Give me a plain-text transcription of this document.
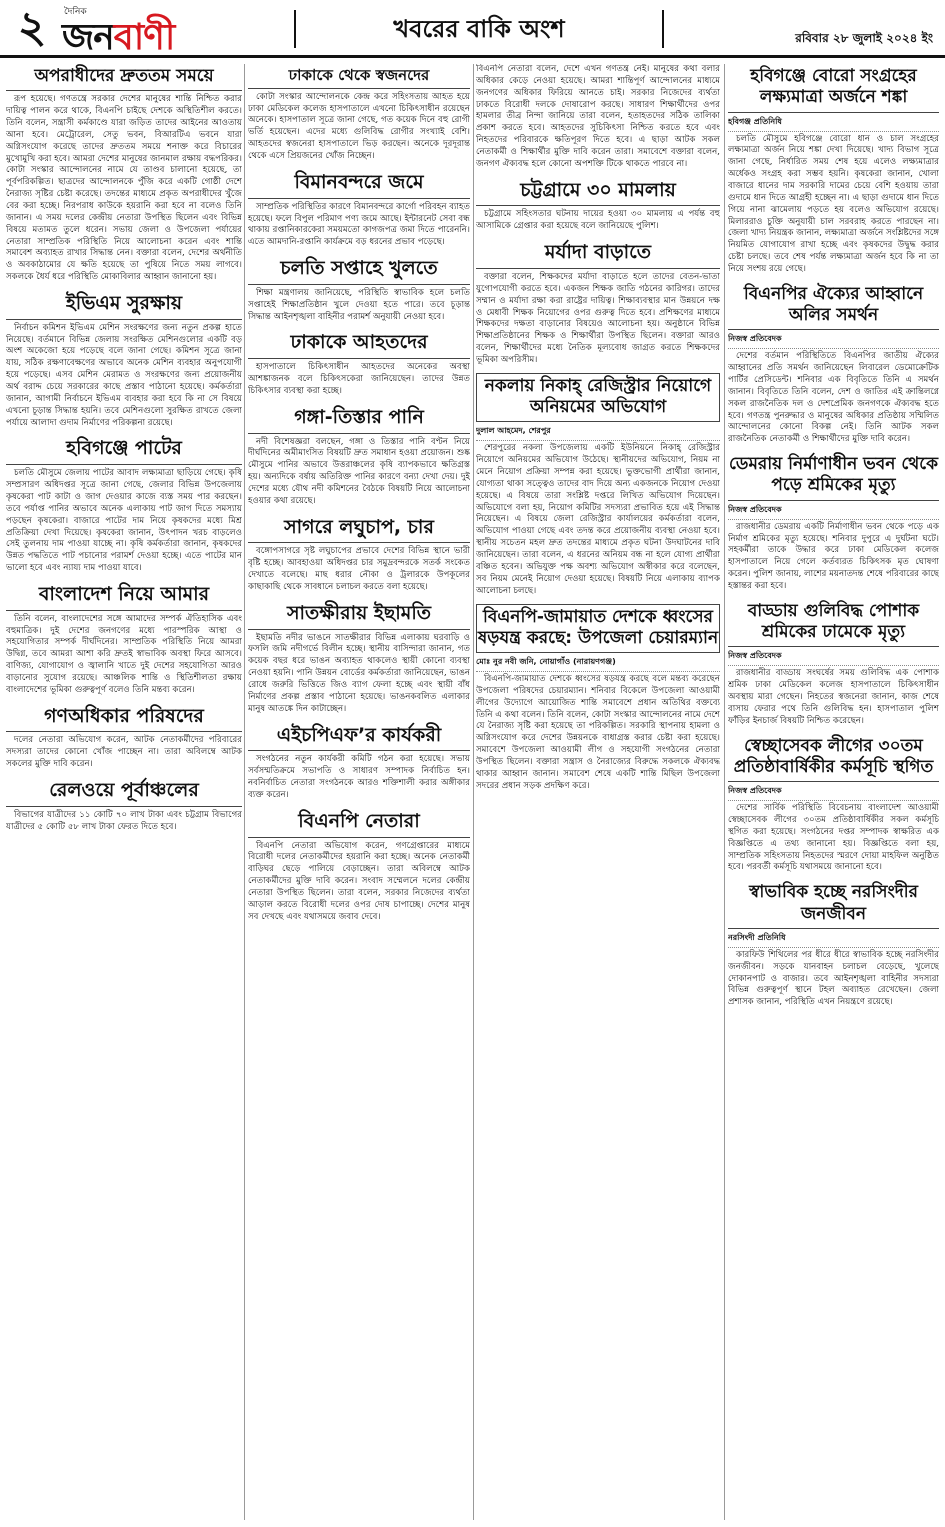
২	দৈনিক
জনবাণী	খবরের বাকি অংশ	রবিবার ২৮ জুলাই ২০২৪ ইং
অপরাধীদের দ্রুততম সময়ে
রূপ হয়েছে। গণতন্ত্রে সরকার দেশের মানুষের শান্তি নিশ্চিত করার দায়িত্ব পালন করে থাকে, বিএনপি চাইছে দেশকে অস্থিতিশীল করতে। তিনি বলেন, সন্ত্রাসী কর্মকাণ্ডে যারা জড়িত তাদের আইনের আওতায় আনা হবে। মেট্রোরেল, সেতু ভবন, বিআরটিএ ভবনে যারা অগ্নিসংযোগ করেছে তাদের দ্রুততম সময়ে শনাক্ত করে বিচারের মুখোমুখি করা হবে। আমরা দেশের মানুষের জানমাল রক্ষায় বদ্ধপরিকর। কোটা সংস্কার আন্দোলনের নামে যে তাণ্ডব চালানো হয়েছে, তা পূর্বপরিকল্পিত। ছাত্রদের আন্দোলনকে পুঁজি করে একটি গোষ্ঠী দেশে নৈরাজ্য সৃষ্টির চেষ্টা করেছে। তদন্তের মাধ্যমে প্রকৃত অপরাধীদের খুঁজে বের করা হচ্ছে। নিরপরাধ কাউকে হয়রানি করা হবে না বলেও তিনি জানান। এ সময় দলের কেন্দ্রীয় নেতারা উপস্থিত ছিলেন এবং বিভিন্ন বিষয়ে মতামত তুলে ধরেন। সভায় জেলা ও উপজেলা পর্যায়ের নেতারা সাম্প্রতিক পরিস্থিতি নিয়ে আলোচনা করেন এবং শান্তি সমাবেশ অব্যাহত রাখার সিদ্ধান্ত নেন। বক্তারা বলেন, দেশের অর্থনীতি ও অবকাঠামোর যে ক্ষতি হয়েছে তা পুষিয়ে নিতে সময় লাগবে। সকলকে ধৈর্য ধরে পরিস্থিতি মোকাবিলার আহ্বান জানানো হয়।
ইভিএম সুরক্ষায়
নির্বাচন কমিশন ইভিএম মেশিন সংরক্ষণের জন্য নতুন প্রকল্প হাতে নিয়েছে। বর্তমানে বিভিন্ন জেলায় সংরক্ষিত মেশিনগুলোর একটি বড় অংশ অকেজো হয়ে পড়েছে বলে জানা গেছে। কমিশন সূত্রে জানা যায়, সঠিক রক্ষণাবেক্ষণের অভাবে অনেক মেশিন ব্যবহার অনুপযোগী হয়ে পড়েছে। এসব মেশিন মেরামত ও সংরক্ষণের জন্য প্রয়োজনীয় অর্থ বরাদ্দ চেয়ে সরকারের কাছে প্রস্তাব পাঠানো হয়েছে। কর্মকর্তারা জানান, আগামী নির্বাচনে ইভিএম ব্যবহার করা হবে কি না সে বিষয়ে এখনো চূড়ান্ত সিদ্ধান্ত হয়নি। তবে মেশিনগুলো সুরক্ষিত রাখতে জেলা পর্যায়ে আলাদা গুদাম নির্মাণের পরিকল্পনা রয়েছে।
হবিগঞ্জে পাটের
চলতি মৌসুমে জেলায় পাটের আবাদ লক্ষ্যমাত্রা ছাড়িয়ে গেছে। কৃষি সম্প্রসারণ অধিদপ্তর সূত্রে জানা গেছে, জেলার বিভিন্ন উপজেলায় কৃষকেরা পাট কাটা ও জাগ দেওয়ার কাজে ব্যস্ত সময় পার করছেন। তবে পর্যাপ্ত পানির অভাবে অনেক এলাকায় পাট জাগ দিতে সমস্যায় পড়ছেন কৃষকেরা। বাজারে পাটের দাম নিয়ে কৃষকদের মধ্যে মিশ্র প্রতিক্রিয়া দেখা দিয়েছে। কৃষকেরা জানান, উৎপাদন খরচ বাড়লেও সেই তুলনায় দাম পাওয়া যাচ্ছে না। কৃষি কর্মকর্তারা জানান, কৃষকদের উন্নত পদ্ধতিতে পাট পচানোর পরামর্শ দেওয়া হচ্ছে। এতে পাটের মান ভালো হবে এবং ন্যায্য দাম পাওয়া যাবে।
বাংলাদেশ নিয়ে আমার
তিনি বলেন, বাংলাদেশের সঙ্গে আমাদের সম্পর্ক ঐতিহাসিক এবং বহুমাত্রিক। দুই দেশের জনগণের মধ্যে পারস্পরিক আস্থা ও সহযোগিতার সম্পর্ক দীর্ঘদিনের। সাম্প্রতিক পরিস্থিতি নিয়ে আমরা উদ্বিগ্ন, তবে আমরা আশা করি দ্রুতই স্বাভাবিক অবস্থা ফিরে আসবে। বাণিজ্য, যোগাযোগ ও জ্বালানি খাতে দুই দেশের সহযোগিতা আরও বাড়ানোর সুযোগ রয়েছে। আঞ্চলিক শান্তি ও স্থিতিশীলতা রক্ষায় বাংলাদেশের ভূমিকা গুরুত্বপূর্ণ বলেও তিনি মন্তব্য করেন।
গণঅধিকার পরিষদের
দলের নেতারা অভিযোগ করেন, আটক নেতাকর্মীদের পরিবারের সদস্যরা তাদের কোনো খোঁজ পাচ্ছেন না। তারা অবিলম্বে আটক সকলের মুক্তি দাবি করেন।
রেলওয়ে পূর্বাঞ্চলের
বিভাগের যাত্রীদের ১১ কোটি ৭০ লাখ টাকা এবং চট্টগ্রাম বিভাগের যাত্রীদের ৫ কোটি ৫৮ লাখ টাকা ফেরত দিতে হবে।
ঢাকাকে থেকে স্বজনদের
কোটা সংস্কার আন্দোলনকে কেন্দ্র করে সহিংসতায় আহত হয়ে ঢাকা মেডিকেল কলেজ হাসপাতালে এখনো চিকিৎসাধীন রয়েছেন অনেকে। হাসপাতাল সূত্রে জানা গেছে, গত কয়েক দিনে বহু রোগী ভর্তি হয়েছেন। এদের মধ্যে গুলিবিদ্ধ রোগীর সংখ্যাই বেশি। আহতদের স্বজনেরা হাসপাতালে ভিড় করছেন। অনেকে দূরদূরান্ত থেকে এসে প্রিয়জনের খোঁজ নিচ্ছেন।
বিমানবন্দরে জমে
সাম্প্রতিক পরিস্থিতির কারণে বিমানবন্দরে কার্গো পরিবহন ব্যাহত হয়েছে। ফলে বিপুল পরিমাণ পণ্য জমে আছে। ইন্টারনেট সেবা বন্ধ থাকায় রপ্তানিকারকেরা সময়মতো কাগজপত্র জমা দিতে পারেননি। এতে আমদানি-রপ্তানি কার্যক্রমে বড় ধরনের প্রভাব পড়েছে।
চলতি সপ্তাহে খুলতে
শিক্ষা মন্ত্রণালয় জানিয়েছে, পরিস্থিতি স্বাভাবিক হলে চলতি সপ্তাহেই শিক্ষাপ্রতিষ্ঠান খুলে দেওয়া হতে পারে। তবে চূড়ান্ত সিদ্ধান্ত আইনশৃঙ্খলা বাহিনীর পরামর্শ অনুযায়ী নেওয়া হবে।
ঢাকাকে আহতদের
হাসপাতালে চিকিৎসাধীন আহতদের অনেকের অবস্থা আশঙ্কাজনক বলে চিকিৎসকেরা জানিয়েছেন। তাদের উন্নত চিকিৎসার ব্যবস্থা করা হচ্ছে।
গঙ্গা-তিস্তার পানি
নদী বিশেষজ্ঞরা বলছেন, গঙ্গা ও তিস্তার পানি বণ্টন নিয়ে দীর্ঘদিনের অমীমাংসিত বিষয়টি দ্রুত সমাধান হওয়া প্রয়োজন। শুষ্ক মৌসুমে পানির অভাবে উত্তরাঞ্চলের কৃষি ব্যাপকভাবে ক্ষতিগ্রস্ত হয়। অন্যদিকে বর্ষায় অতিরিক্ত পানির কারণে বন্যা দেখা দেয়। দুই দেশের মধ্যে যৌথ নদী কমিশনের বৈঠকে বিষয়টি নিয়ে আলোচনা হওয়ার কথা রয়েছে।
সাগরে লঘুচাপ, চার
বঙ্গোপসাগরে সৃষ্ট লঘুচাপের প্রভাবে দেশের বিভিন্ন স্থানে ভারী বৃষ্টি হচ্ছে। আবহাওয়া অধিদপ্তর চার সমুদ্রবন্দরকে সতর্ক সংকেত দেখাতে বলেছে। মাছ ধরার নৌকা ও ট্রলারকে উপকূলের কাছাকাছি থেকে সাবধানে চলাচল করতে বলা হয়েছে।
সাতক্ষীরায় ইছামতি
ইছামতি নদীর ভাঙনে সাতক্ষীরার বিভিন্ন এলাকায় ঘরবাড়ি ও ফসলি জমি নদীগর্ভে বিলীন হচ্ছে। স্থানীয় বাসিন্দারা জানান, গত কয়েক বছর ধরে ভাঙন অব্যাহত থাকলেও স্থায়ী কোনো ব্যবস্থা নেওয়া হয়নি। পানি উন্নয়ন বোর্ডের কর্মকর্তারা জানিয়েছেন, ভাঙন রোধে জরুরি ভিত্তিতে জিও ব্যাগ ফেলা হচ্ছে এবং স্থায়ী বাঁধ নির্মাণের প্রকল্প প্রস্তাব পাঠানো হয়েছে। ভাঙনকবলিত এলাকার মানুষ আতঙ্কে দিন কাটাচ্ছেন।
এইচপিএফ’র কার্যকরী
সংগঠনের নতুন কার্যকরী কমিটি গঠন করা হয়েছে। সভায় সর্বসম্মতিক্রমে সভাপতি ও সাধারণ সম্পাদক নির্বাচিত হন। নবনির্বাচিত নেতারা সংগঠনকে আরও শক্তিশালী করার অঙ্গীকার ব্যক্ত করেন।
বিএনপি নেতারা
বিএনপি নেতারা অভিযোগ করেন, গণগ্রেপ্তারের মাধ্যমে বিরোধী দলের নেতাকর্মীদের হয়রানি করা হচ্ছে। অনেক নেতাকর্মী বাড়িঘর ছেড়ে পালিয়ে বেড়াচ্ছেন। তারা অবিলম্বে আটক নেতাকর্মীদের মুক্তি দাবি করেন। সংবাদ সম্মেলনে দলের কেন্দ্রীয় নেতারা উপস্থিত ছিলেন। তারা বলেন, সরকার নিজেদের ব্যর্থতা আড়াল করতে বিরোধী দলের ওপর দোষ চাপাচ্ছে। দেশের মানুষ সব দেখছে এবং যথাসময়ে জবাব দেবে।
বিএনপি নেতারা বলেন, দেশে এখন গণতন্ত্র নেই। মানুষের কথা বলার অধিকার কেড়ে নেওয়া হয়েছে। আমরা শান্তিপূর্ণ আন্দোলনের মাধ্যমে জনগণের অধিকার ফিরিয়ে আনতে চাই। সরকার নিজেদের ব্যর্থতা ঢাকতে বিরোধী দলকে দোষারোপ করছে। সাধারণ শিক্ষার্থীদের ওপর হামলার তীব্র নিন্দা জানিয়ে তারা বলেন, হতাহতদের সঠিক তালিকা প্রকাশ করতে হবে। আহতদের সুচিকিৎসা নিশ্চিত করতে হবে এবং নিহতদের পরিবারকে ক্ষতিপূরণ দিতে হবে। এ ছাড়া আটক সকল নেতাকর্মী ও শিক্ষার্থীর মুক্তি দাবি করেন তারা। সমাবেশে বক্তারা বলেন, জনগণ ঐক্যবদ্ধ হলে কোনো অপশক্তি টিকে থাকতে পারবে না।
চট্টগ্রামে ৩০ মামলায়
চট্টগ্রামে সহিংসতার ঘটনায় দায়ের হওয়া ৩০ মামলায় এ পর্যন্ত বহু আসামিকে গ্রেপ্তার করা হয়েছে বলে জানিয়েছে পুলিশ।
মর্যাদা বাড়াতে
বক্তারা বলেন, শিক্ষকদের মর্যাদা বাড়াতে হলে তাদের বেতন-ভাতা যুগোপযোগী করতে হবে। একজন শিক্ষক জাতি গঠনের কারিগর। তাদের সম্মান ও মর্যাদা রক্ষা করা রাষ্ট্রের দায়িত্ব। শিক্ষাব্যবস্থার মান উন্নয়নে দক্ষ ও মেধাবী শিক্ষক নিয়োগের ওপর গুরুত্ব দিতে হবে। প্রশিক্ষণের মাধ্যমে শিক্ষকদের দক্ষতা বাড়ানোর বিষয়েও আলোচনা হয়। অনুষ্ঠানে বিভিন্ন শিক্ষাপ্রতিষ্ঠানের শিক্ষক ও শিক্ষার্থীরা উপস্থিত ছিলেন। বক্তারা আরও বলেন, শিক্ষার্থীদের মধ্যে নৈতিক মূল্যবোধ জাগ্রত করতে শিক্ষকদের ভূমিকা অপরিসীম।
নকলায় নিকাহ্ রেজিস্ট্রার নিয়োগে অনিয়মের অভিযোগ
দুলাল আহমেদ, শেরপুর
শেরপুরের নকলা উপজেলায় একটি ইউনিয়নে নিকাহ্ রেজিস্ট্রার নিয়োগে অনিয়মের অভিযোগ উঠেছে। স্থানীয়দের অভিযোগ, নিয়ম না মেনে নিয়োগ প্রক্রিয়া সম্পন্ন করা হয়েছে। ভুক্তভোগী প্রার্থীরা জানান, যোগ্যতা থাকা সত্ত্বেও তাদের বাদ দিয়ে অন্য একজনকে নিয়োগ দেওয়া হয়েছে। এ বিষয়ে তারা সংশ্লিষ্ট দপ্তরে লিখিত অভিযোগ দিয়েছেন। অভিযোগে বলা হয়, নিয়োগ কমিটির সদস্যরা প্রভাবিত হয়ে এই সিদ্ধান্ত নিয়েছেন। এ বিষয়ে জেলা রেজিস্ট্রার কার্যালয়ের কর্মকর্তারা বলেন, অভিযোগ পাওয়া গেছে এবং তদন্ত করে প্রয়োজনীয় ব্যবস্থা নেওয়া হবে। স্থানীয় সচেতন মহল দ্রুত তদন্তের মাধ্যমে প্রকৃত ঘটনা উদঘাটনের দাবি জানিয়েছেন। তারা বলেন, এ ধরনের অনিয়ম বন্ধ না হলে যোগ্য প্রার্থীরা বঞ্চিত হবেন। অভিযুক্ত পক্ষ অবশ্য অভিযোগ অস্বীকার করে বলেছেন, সব নিয়ম মেনেই নিয়োগ দেওয়া হয়েছে। বিষয়টি নিয়ে এলাকায় ব্যাপক আলোচনা চলছে।
বিএনপি-জামায়াত দেশকে ধ্বংসের ষড়যন্ত্র করছে: উপজেলা চেয়ারম্যান
মোঃ নুর নবী জনি, নোয়াগাঁও (নারায়ণগঞ্জ)
বিএনপি-জামায়াত দেশকে ধ্বংসের ষড়যন্ত্র করছে বলে মন্তব্য করেছেন উপজেলা পরিষদের চেয়ারম্যান। শনিবার বিকেলে উপজেলা আওয়ামী লীগের উদ্যোগে আয়োজিত শান্তি সমাবেশে প্রধান অতিথির বক্তব্যে তিনি এ কথা বলেন। তিনি বলেন, কোটা সংস্কার আন্দোলনের নামে দেশে যে নৈরাজ্য সৃষ্টি করা হয়েছে তা পরিকল্পিত। সরকারি স্থাপনায় হামলা ও অগ্নিসংযোগ করে দেশের উন্নয়নকে বাধাগ্রস্ত করার চেষ্টা করা হয়েছে। সমাবেশে উপজেলা আওয়ামী লীগ ও সহযোগী সংগঠনের নেতারা উপস্থিত ছিলেন। বক্তারা সন্ত্রাস ও নৈরাজ্যের বিরুদ্ধে সকলকে ঐক্যবদ্ধ থাকার আহ্বান জানান। সমাবেশ শেষে একটি শান্তি মিছিল উপজেলা সদরের প্রধান সড়ক প্রদক্ষিণ করে।
হবিগঞ্জে বোরো সংগ্রহের লক্ষ্যমাত্রা অর্জনে শঙ্কা
হবিগঞ্জ প্রতিনিধি
চলতি মৌসুমে হবিগঞ্জে বোরো ধান ও চাল সংগ্রহের লক্ষ্যমাত্রা অর্জন নিয়ে শঙ্কা দেখা দিয়েছে। খাদ্য বিভাগ সূত্রে জানা গেছে, নির্ধারিত সময় শেষ হয়ে এলেও লক্ষ্যমাত্রার অর্ধেকও সংগ্রহ করা সম্ভব হয়নি। কৃষকেরা জানান, খোলা বাজারে ধানের দাম সরকারি দামের চেয়ে বেশি হওয়ায় তারা গুদামে ধান দিতে আগ্রহী হচ্ছেন না। এ ছাড়া গুদামে ধান দিতে গিয়ে নানা ঝামেলায় পড়তে হয় বলেও অভিযোগ রয়েছে। মিলাররাও চুক্তি অনুযায়ী চাল সরবরাহ করতে পারছেন না। জেলা খাদ্য নিয়ন্ত্রক জানান, লক্ষ্যমাত্রা অর্জনে সংশ্লিষ্টদের সঙ্গে নিয়মিত যোগাযোগ রাখা হচ্ছে এবং কৃষকদের উদ্বুদ্ধ করার চেষ্টা চলছে। তবে শেষ পর্যন্ত লক্ষ্যমাত্রা অর্জন হবে কি না তা নিয়ে সংশয় রয়ে গেছে।
বিএনপির ঐক্যের আহ্বানে অলির সমর্থন
নিজস্ব প্রতিবেদক
দেশের বর্তমান পরিস্থিতিতে বিএনপির জাতীয় ঐক্যের আহ্বানের প্রতি সমর্থন জানিয়েছেন লিবারেল ডেমোক্রেটিক পার্টির প্রেসিডেন্ট। শনিবার এক বিবৃতিতে তিনি এ সমর্থন জানান। বিবৃতিতে তিনি বলেন, দেশ ও জাতির এই ক্রান্তিলগ্নে সকল রাজনৈতিক দল ও দেশপ্রেমিক জনগণকে ঐক্যবদ্ধ হতে হবে। গণতন্ত্র পুনরুদ্ধার ও মানুষের অধিকার প্রতিষ্ঠায় সম্মিলিত আন্দোলনের কোনো বিকল্প নেই। তিনি আটক সকল রাজনৈতিক নেতাকর্মী ও শিক্ষার্থীদের মুক্তি দাবি করেন।
ডেমরায় নির্মাণাধীন ভবন থেকে পড়ে শ্রমিকের মৃত্যু
নিজস্ব প্রতিবেদক
রাজধানীর ডেমরায় একটি নির্মাণাধীন ভবন থেকে পড়ে এক নির্মাণ শ্রমিকের মৃত্যু হয়েছে। শনিবার দুপুরে এ দুর্ঘটনা ঘটে। সহকর্মীরা তাকে উদ্ধার করে ঢাকা মেডিকেল কলেজ হাসপাতালে নিয়ে গেলে কর্তব্যরত চিকিৎসক মৃত ঘোষণা করেন। পুলিশ জানায়, লাশের ময়নাতদন্ত শেষে পরিবারের কাছে হস্তান্তর করা হবে।
বাড্ডায় গুলিবিদ্ধ পোশাক শ্রমিকের ঢামেকে মৃত্যু
নিজস্ব প্রতিবেদক
রাজধানীর বাড্ডায় সংঘর্ষের সময় গুলিবিদ্ধ এক পোশাক শ্রমিক ঢাকা মেডিকেল কলেজ হাসপাতালে চিকিৎসাধীন অবস্থায় মারা গেছেন। নিহতের স্বজনেরা জানান, কাজ শেষে বাসায় ফেরার পথে তিনি গুলিবিদ্ধ হন। হাসপাতাল পুলিশ ফাঁড়ির ইনচার্জ বিষয়টি নিশ্চিত করেছেন।
স্বেচ্ছাসেবক লীগের ৩০তম প্রতিষ্ঠাবার্ষিকীর কর্মসূচি স্থগিত
নিজস্ব প্রতিবেদক
দেশের সার্বিক পরিস্থিতি বিবেচনায় বাংলাদেশ আওয়ামী স্বেচ্ছাসেবক লীগের ৩০তম প্রতিষ্ঠাবার্ষিকীর সকল কর্মসূচি স্থগিত করা হয়েছে। সংগঠনের দপ্তর সম্পাদক স্বাক্ষরিত এক বিজ্ঞপ্তিতে এ তথ্য জানানো হয়। বিজ্ঞপ্তিতে বলা হয়, সাম্প্রতিক সহিংসতায় নিহতদের স্মরণে দোয়া মাহফিল অনুষ্ঠিত হবে। পরবর্তী কর্মসূচি যথাসময়ে জানানো হবে।
স্বাভাবিক হচ্ছে নরসিংদীর জনজীবন
নরসিংদী প্রতিনিধি
কারফিউ শিথিলের পর ধীরে ধীরে স্বাভাবিক হচ্ছে নরসিংদীর জনজীবন। সড়কে যানবাহন চলাচল বেড়েছে, খুলেছে দোকানপাট ও বাজার। তবে আইনশৃঙ্খলা বাহিনীর সদস্যরা বিভিন্ন গুরুত্বপূর্ণ স্থানে টহল অব্যাহত রেখেছেন। জেলা প্রশাসক জানান, পরিস্থিতি এখন নিয়ন্ত্রণে রয়েছে।
